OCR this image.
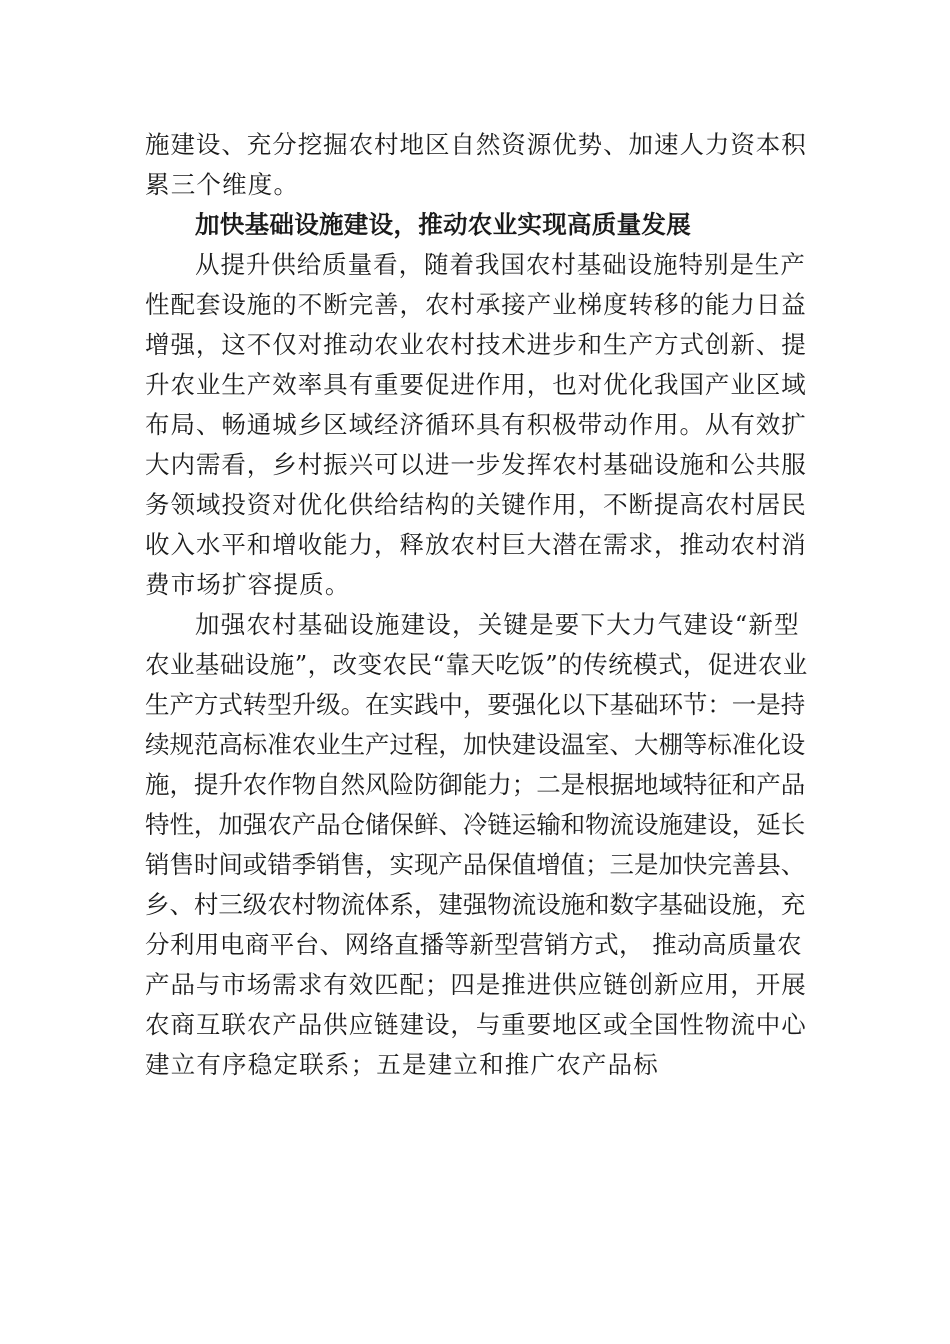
施建设、充分挖掘农村地区自然资源优势、加速人力资本积
累三个维度。
加快基础设施建设，推动农业实现高质量发展
从提升供给质量看，随着我国农村基础设施特别是生产
性配套设施的不断完善，农村承接产业梯度转移的能力日益
增强，这不仅对推动农业农村技术进步和生产方式创新、提
升农业生产效率具有重要促进作用，也对优化我国产业区域
布局、畅通城乡区域经济循环具有积极带动作用。从有效扩
大内需看，乡村振兴可以进一步发挥农村基础设施和公共服
务领域投资对优化供给结构的关键作用，不断提高农村居民
收入水平和增收能力，释放农村巨大潜在需求，推动农村消
费市场扩容提质。
加强农村基础设施建设，关键是要下大力气建设“新型
农业基础设施”，改变农民“靠天吃饭”的传统模式，促进农业
生产方式转型升级。在实践中，要强化以下基础环节：一是持
续规范高标准农业生产过程，加快建设温室、大棚等标准化设
施，提升农作物自然风险防御能力；二是根据地域特征和产品
特性，加强农产品仓储保鲜、冷链运输和物流设施建设，延长
销售时间或错季销售，实现产品保值增值；三是加快完善县、
乡、村三级农村物流体系，建强物流设施和数字基础设施，充
分利用电商平台、网络直播等新型营销方式， 推动高质量农
产品与市场需求有效匹配；四是推进供应链创新应用，开展
农商互联农产品供应链建设，与重要地区或全国性物流中心
建立有序稳定联系；五是建立和推广农产品标
